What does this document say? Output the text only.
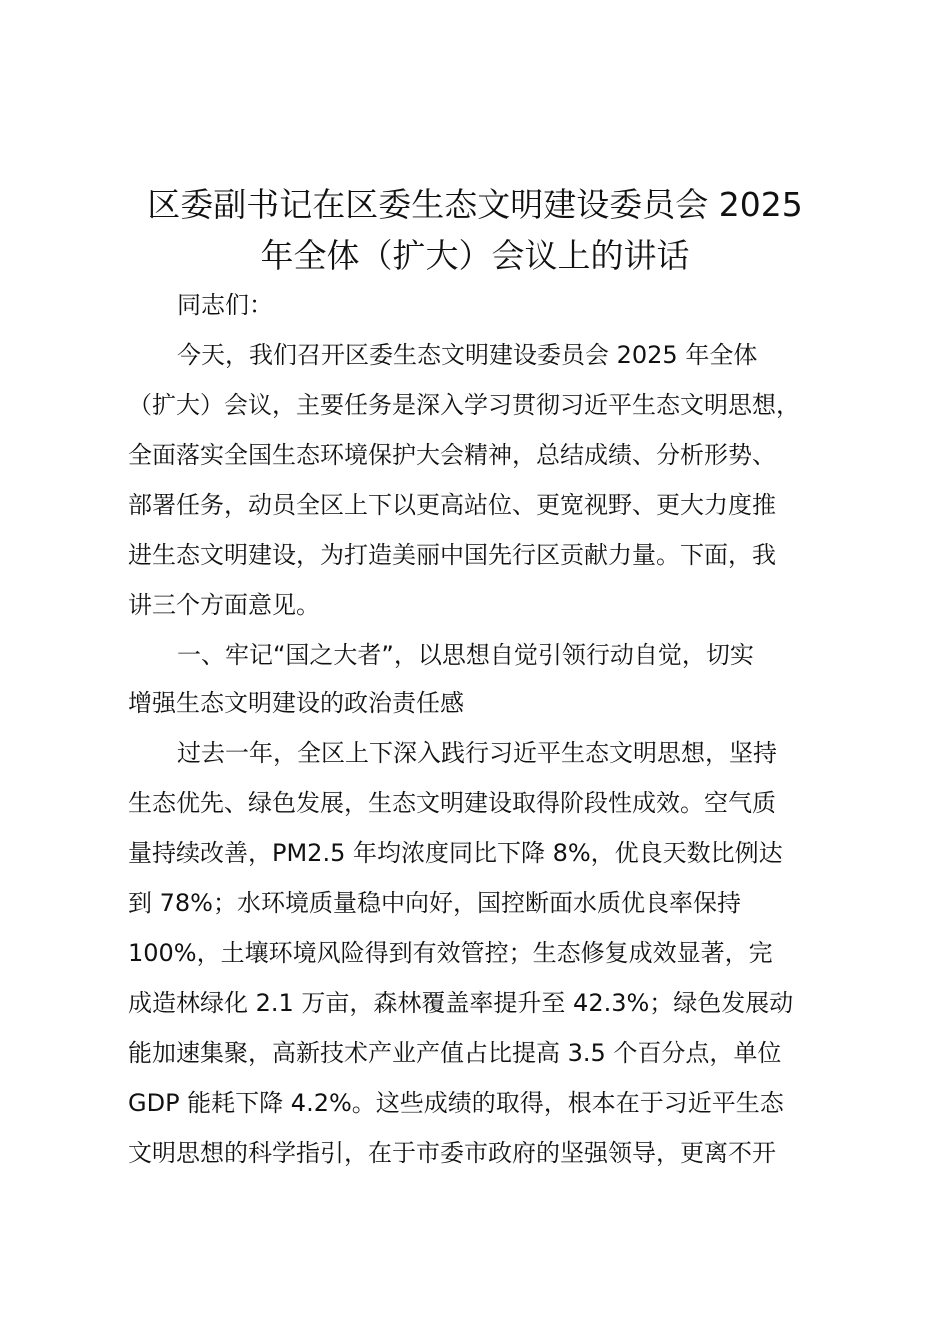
区委副书记在区委生态文明建设委员会 2025
年全体（扩大）会议上的讲话
同志们：
今天，我们召开区委生态文明建设委员会 2025 年全体
（扩大）会议，主要任务是深入学习贯彻习近平生态文明思想，
全面落实全国生态环境保护大会精神，总结成绩、分析形势、
部署任务，动员全区上下以更高站位、更宽视野、更大力度推
进生态文明建设，为打造美丽中国先行区贡献力量。下面，我
讲三个方面意见。
一、牢记“国之大者”，以思想自觉引领行动自觉，切实
增强生态文明建设的政治责任感
过去一年，全区上下深入践行习近平生态文明思想，坚持
生态优先、绿色发展，生态文明建设取得阶段性成效。空气质
量持续改善，PM2.5 年均浓度同比下降 8%，优良天数比例达
到 78%；水环境质量稳中向好，国控断面水质优良率保持
100%，土壤环境风险得到有效管控；生态修复成效显著，完
成造林绿化 2.1 万亩，森林覆盖率提升至 42.3%；绿色发展动
能加速集聚，高新技术产业产值占比提高 3.5 个百分点，单位
GDP 能耗下降 4.2%。这些成绩的取得，根本在于习近平生态
文明思想的科学指引，在于市委市政府的坚强领导，更离不开
